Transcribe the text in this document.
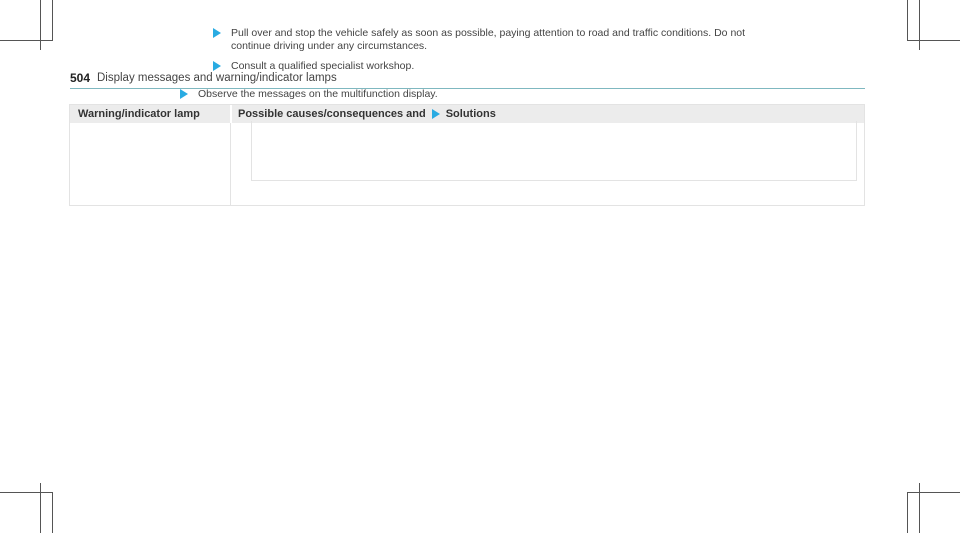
504 Display messages and warning/indicator lamps
Warning/indicator lamp	Possible causes/consequences and Solutions
Pull over and stop the vehicle safely as soon as possible, paying attention to road and traffic conditions. Do not continue driving under any circumstances.
Consult a qualified specialist workshop.
Observe the messages on the multifunction display.
